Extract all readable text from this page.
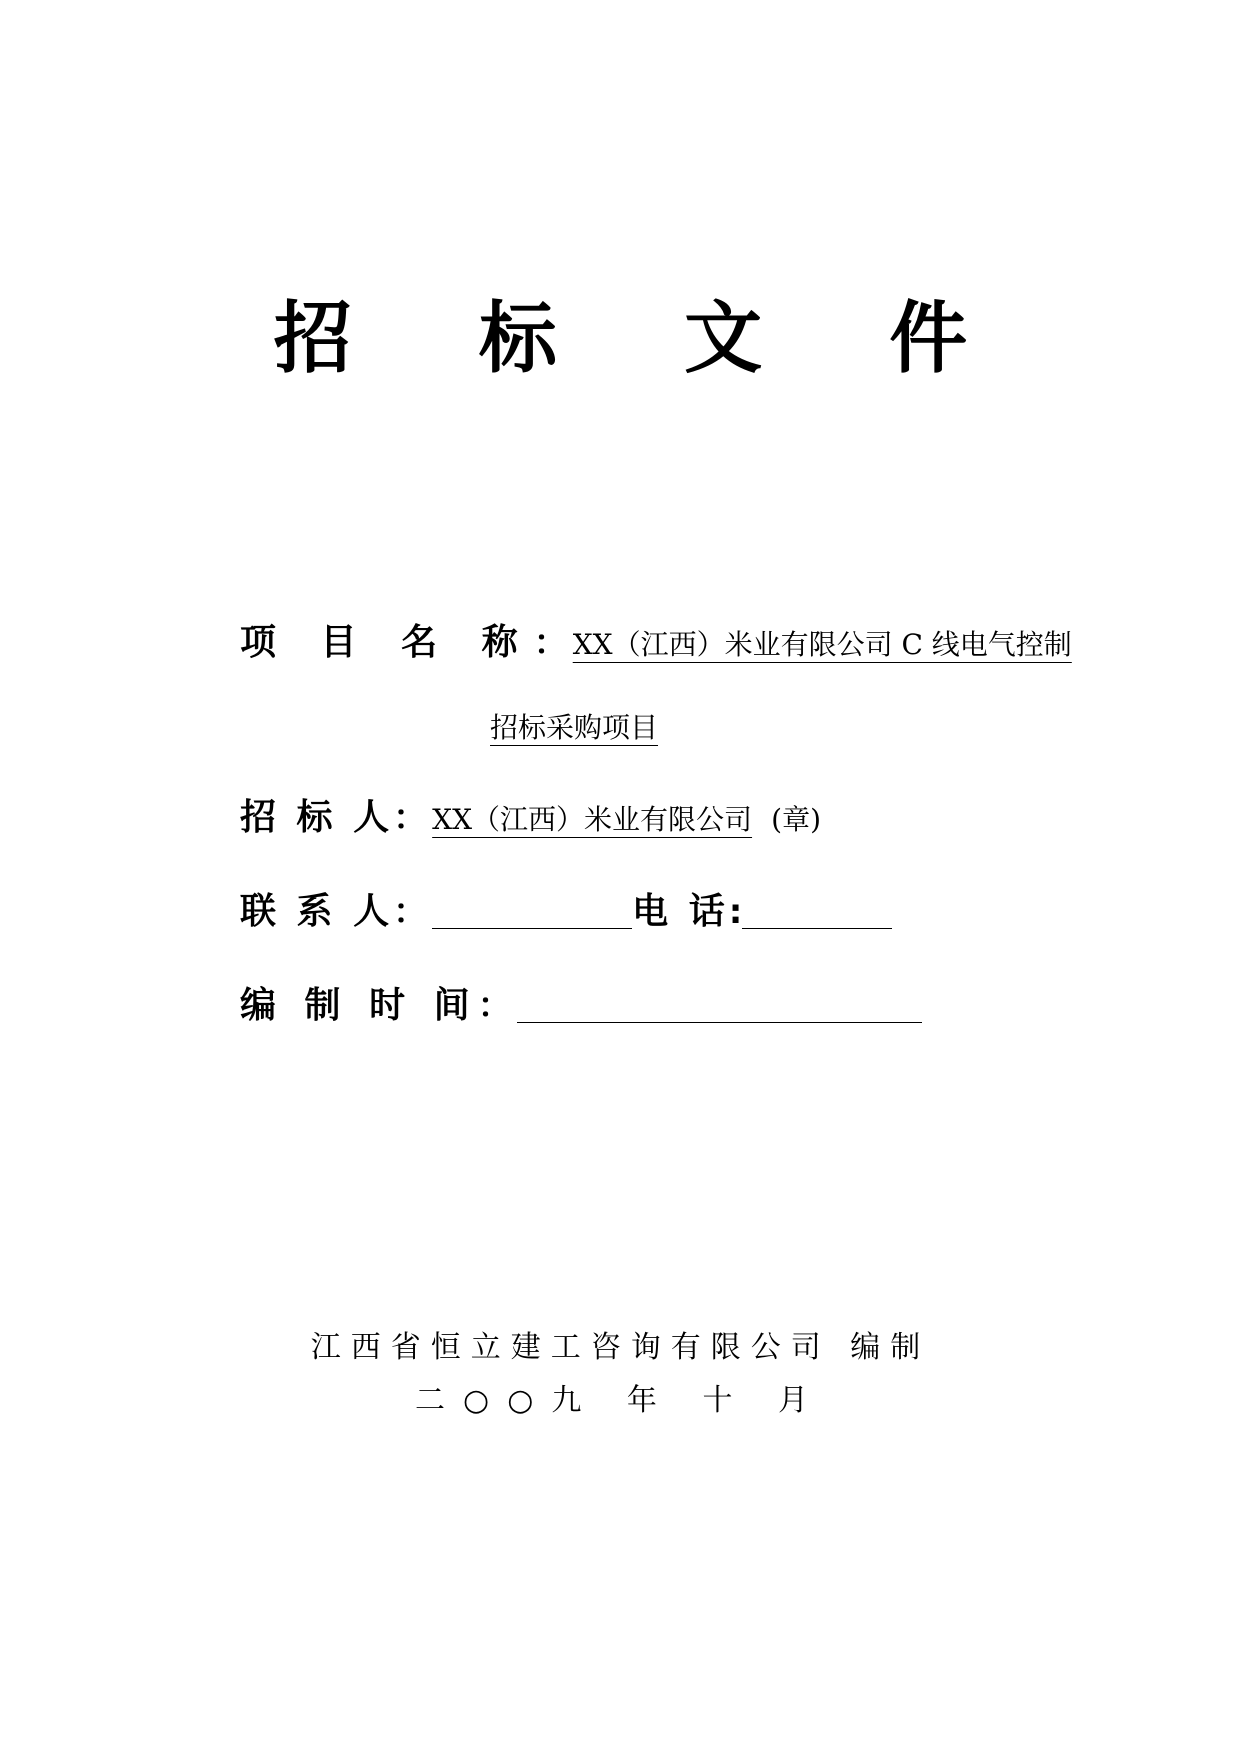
招 标 文 件
项 目 名 称： XX（江西）米业有限公司 C 线电气控制
招标采购项目
招 标 人： XX（江西）米业有限公司 (章)
联 系 人：	电 话:
编 制 时 间：
江西省恒立建工咨询有限公司 编制
二○○九 年 十 月
